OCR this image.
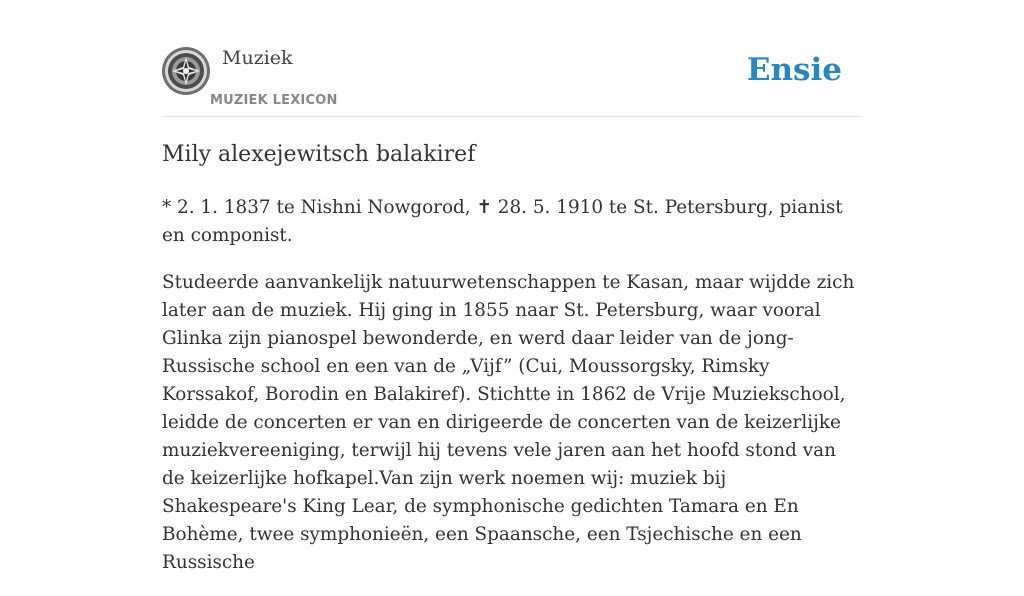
Muziek
MUZIEK LEXICON
Ensie
Mily alexejewitsch balakiref

* 2. 1. 1837 te Nishni Nowgorod, ✝ 28. 5. 1910 te St. Petersburg, pianist en componist.

Studeerde aanvankelijk natuurwetenschappen te Kasan, maar wijdde zich later aan de muziek. Hij ging in 1855 naar St. Petersburg, waar vooral Glinka zijn pianospel bewonderde, en werd daar leider van de jong-Russische school en een van de „Vijf” (Cui, Moussorgsky, Rimsky Korssakof, Borodin en Balakiref). Stichtte in 1862 de Vrije Muziekschool, leidde de concerten er van en dirigeerde de concerten van de keizerlijke muziekvereeniging, terwijl hij tevens vele jaren aan het hoofd stond van de keizerlijke hofkapel.Van zijn werk noemen wij: muziek bij Shakespeare's King Lear, de symphonische gedichten Tamara en En Bohème, twee symphonieën, een Spaansche, een Tsjechische en een Russische
